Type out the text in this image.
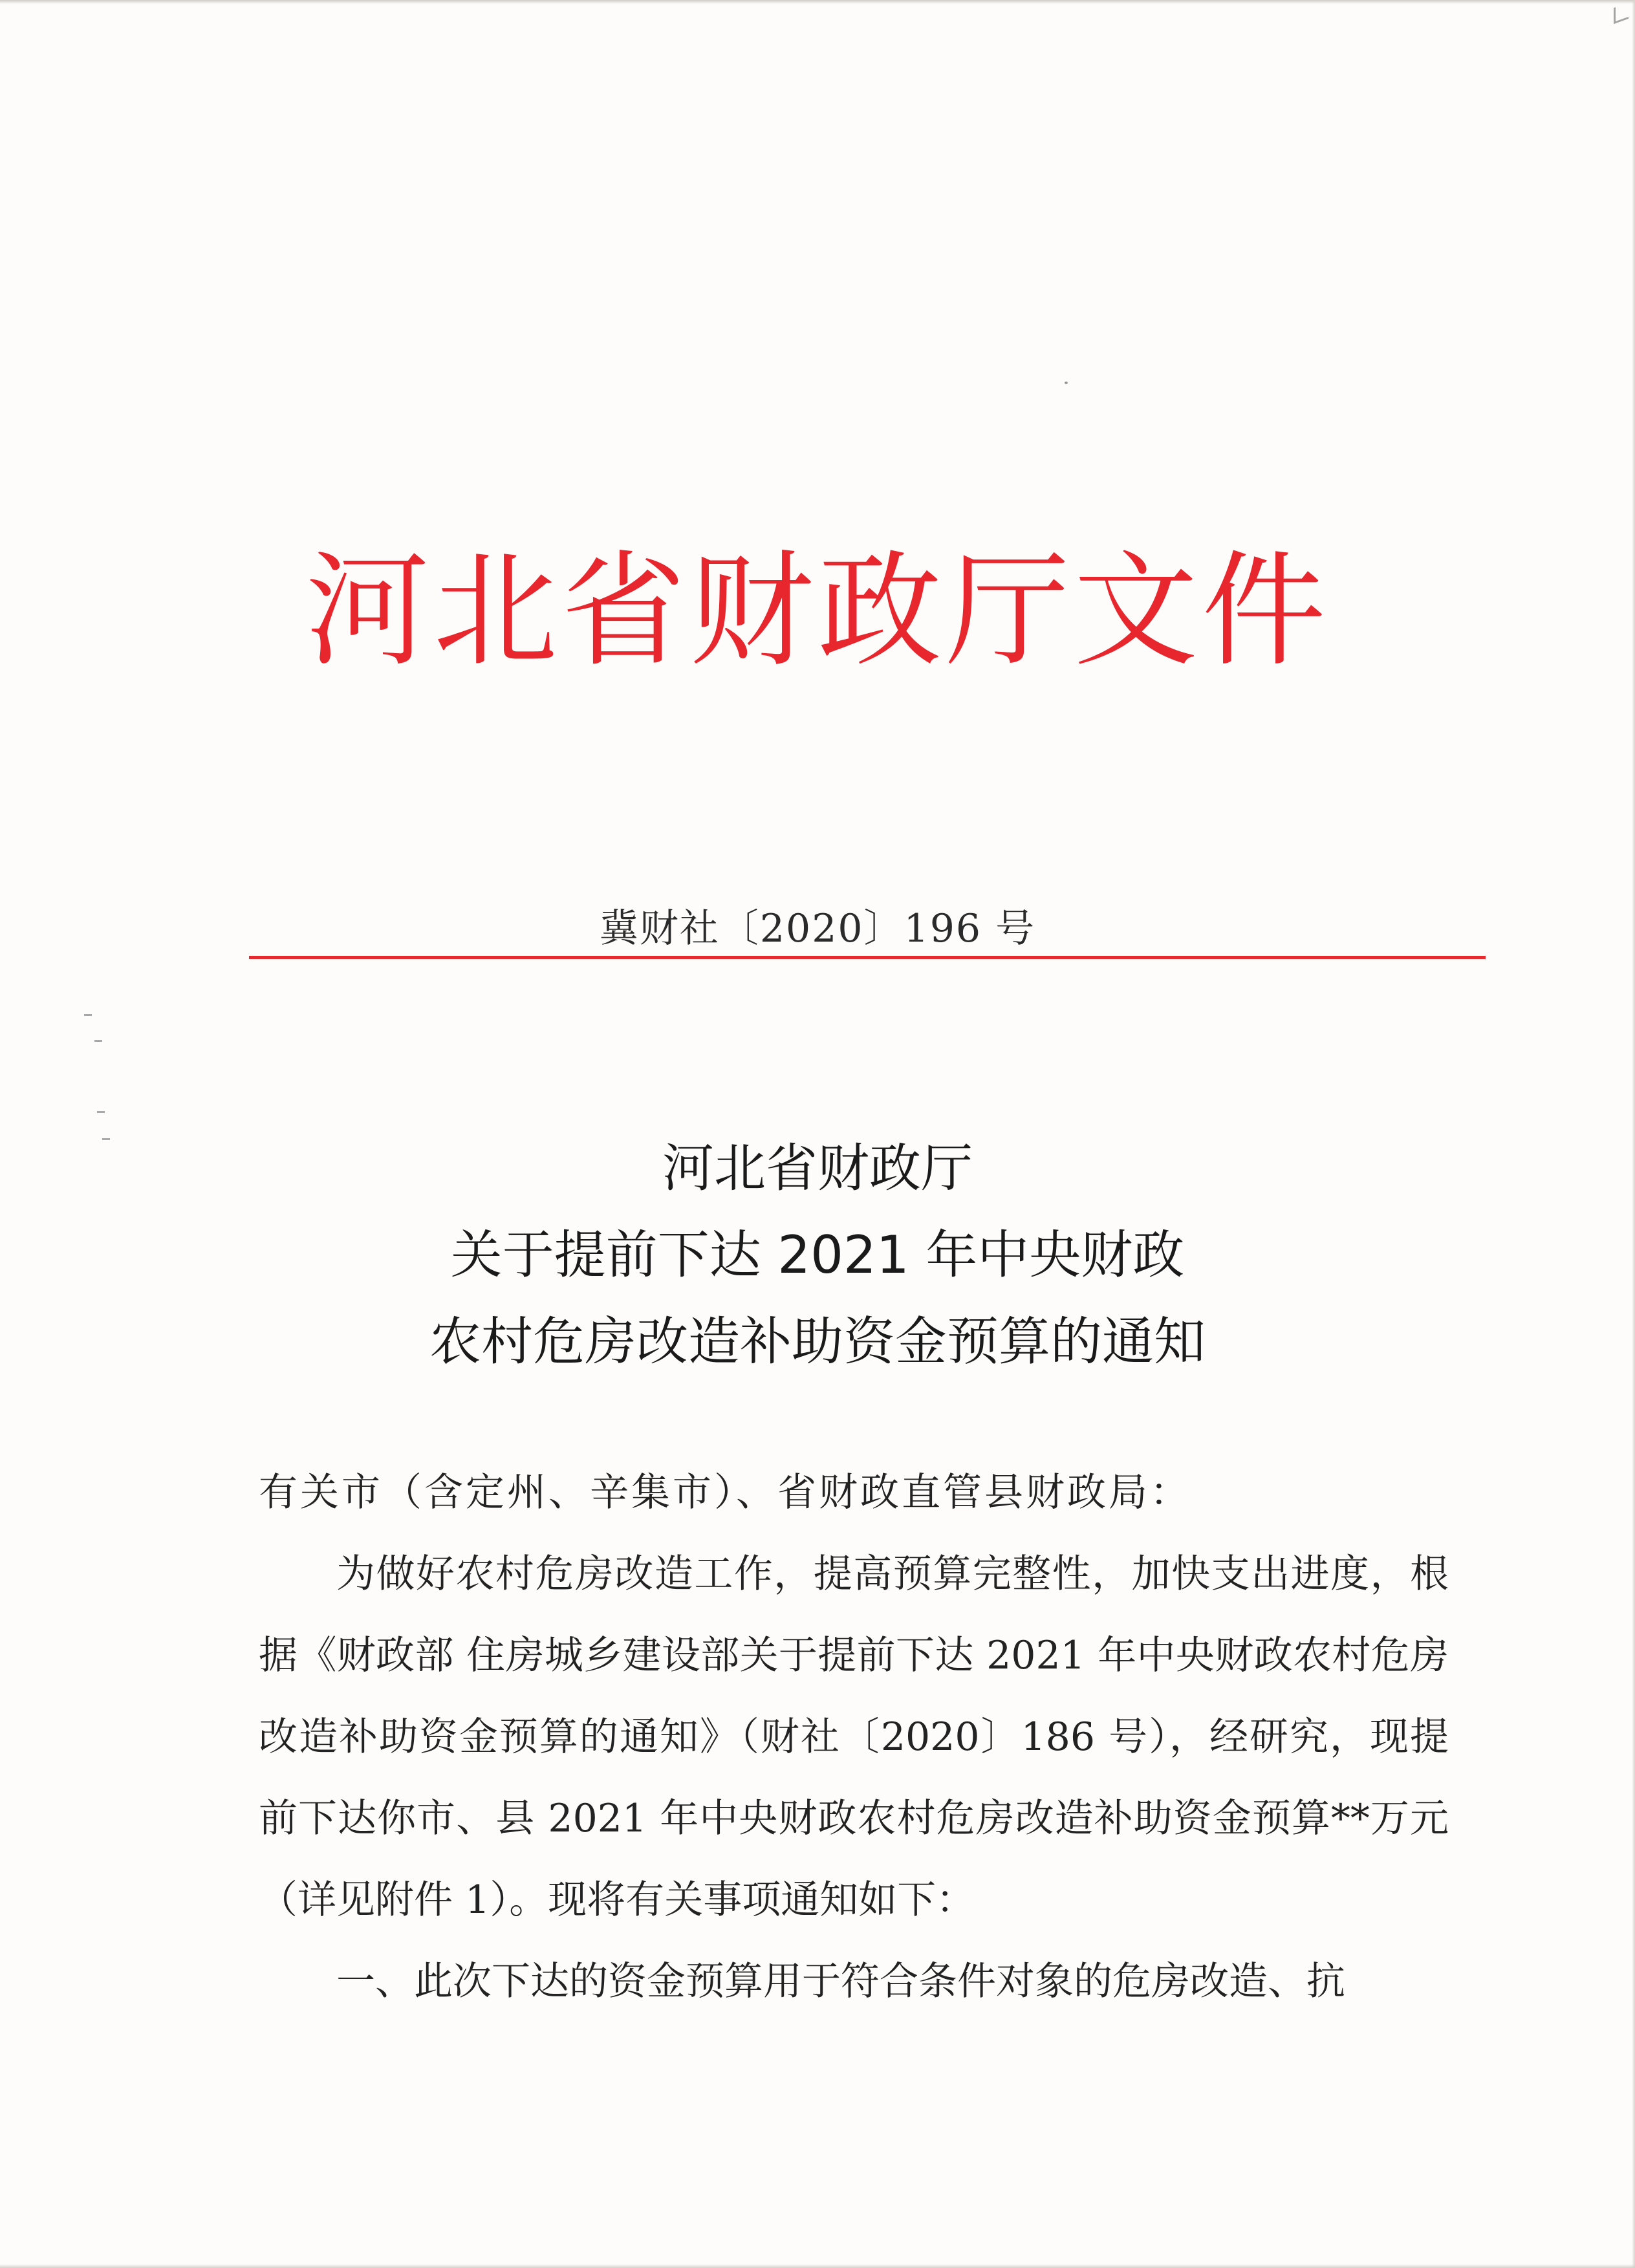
河北省财政厅文件
冀财社〔2020〕196 号
河北省财政厅
关于提前下达 2021 年中央财政
农村危房改造补助资金预算的通知

有关市（含定州、辛集市）、省财政直管县财政局：

为做好农村危房改造工作，提高预算完整性，加快支出进度，根据《财政部 住房城乡建设部关于提前下达 2021 年中央财政农村危房改造补助资金预算的通知》（财社〔2020〕186 号），经研究，现提前下达你市、县 2021 年中央财政农村危房改造补助资金预算**万元（详见附件 1）。现将有关事项通知如下：

一、此次下达的资金预算用于符合条件对象的危房改造、抗
